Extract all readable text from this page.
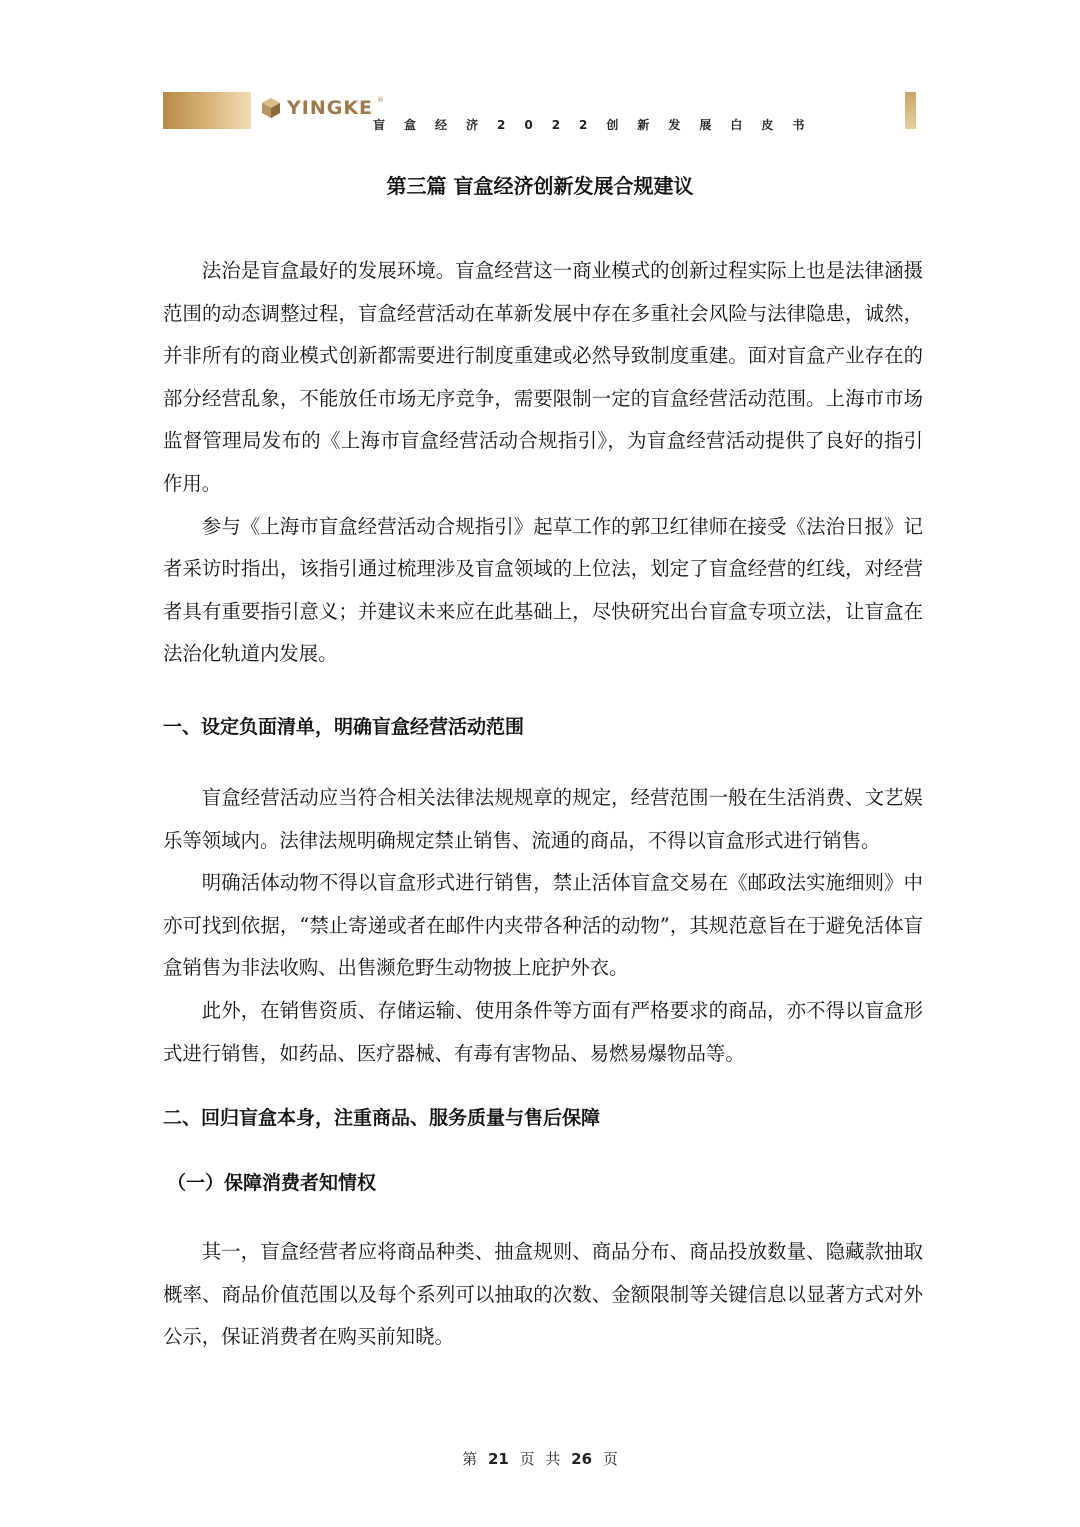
YINGKE ®
盲盒经济2022创新发展白皮书
第三篇 盲盒经济创新发展合规建议

法治是盲盒最好的发展环境。盲盒经营这一商业模式的创新过程实际上也是法律涵摄范围的动态调整过程，盲盒经营活动在革新发展中存在多重社会风险与法律隐患，诚然，并非所有的商业模式创新都需要进行制度重建或必然导致制度重建。面对盲盒产业存在的部分经营乱象，不能放任市场无序竞争，需要限制一定的盲盒经营活动范围。上海市市场监督管理局发布的《上海市盲盒经营活动合规指引》，为盲盒经营活动提供了良好的指引作用。

参与《上海市盲盒经营活动合规指引》起草工作的郭卫红律师在接受《法治日报》记者采访时指出，该指引通过梳理涉及盲盒领域的上位法，划定了盲盒经营的红线，对经营者具有重要指引意义；并建议未来应在此基础上，尽快研究出台盲盒专项立法，让盲盒在法治化轨道内发展。

一、设定负面清单，明确盲盒经营活动范围

盲盒经营活动应当符合相关法律法规规章的规定，经营范围一般在生活消费、文艺娱乐等领域内。法律法规明确规定禁止销售、流通的商品，不得以盲盒形式进行销售。

明确活体动物不得以盲盒形式进行销售，禁止活体盲盒交易在《邮政法实施细则》中亦可找到依据，“禁止寄递或者在邮件内夹带各种活的动物”，其规范意旨在于避免活体盲盒销售为非法收购、出售濒危野生动物披上庇护外衣。

此外，在销售资质、存储运输、使用条件等方面有严格要求的商品，亦不得以盲盒形式进行销售，如药品、医疗器械、有毒有害物品、易燃易爆物品等。

二、回归盲盒本身，注重商品、服务质量与售后保障
（一）保障消费者知情权

其一，盲盒经营者应将商品种类、抽盒规则、商品分布、商品投放数量、隐藏款抽取概率、商品价值范围以及每个系列可以抽取的次数、金额限制等关键信息以显著方式对外公示，保证消费者在购买前知晓。

第 21 页 共 26 页
